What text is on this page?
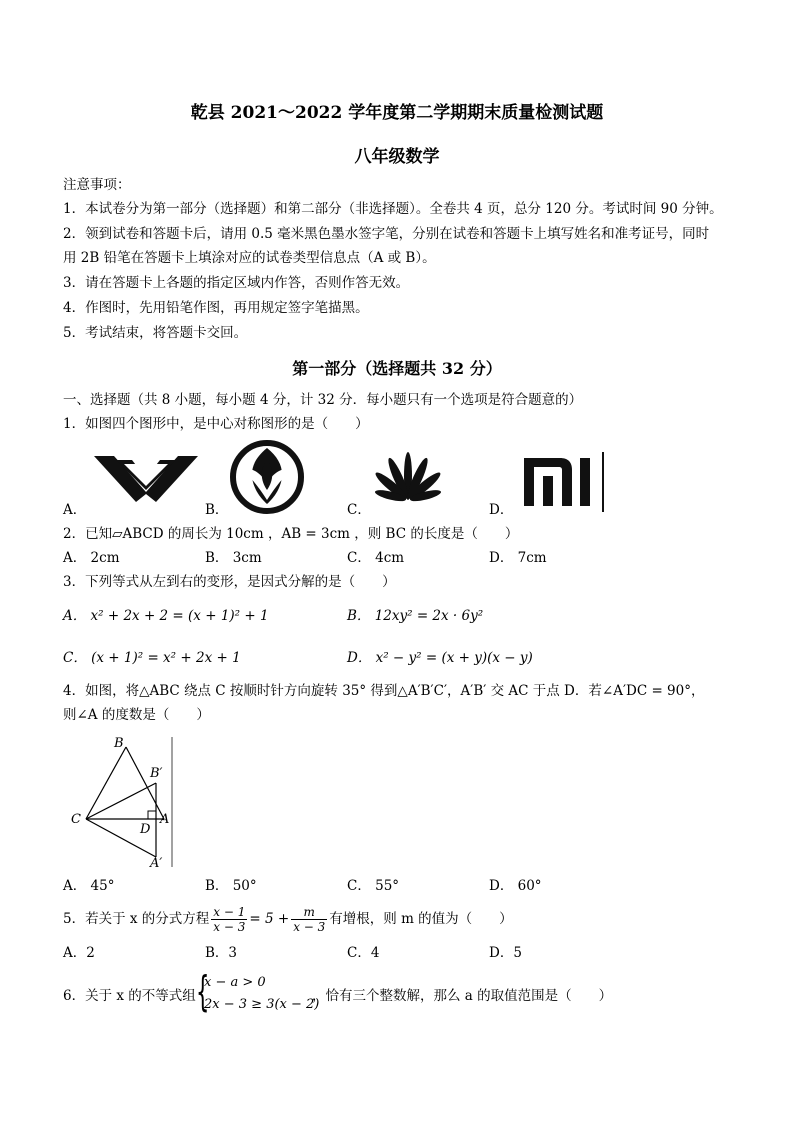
乾县 2021～2022 学年度第二学期期末质量检测试题
八年级数学
注意事项：
1．本试卷分为第一部分（选择题）和第二部分（非选择题）。全卷共 4 页，总分 120 分。考试时间 90 分钟。
2．领到试卷和答题卡后，请用 0.5 毫米黑色墨水签字笔，分别在试卷和答题卡上填写姓名和准考证号，同时
用 2B 铅笔在答题卡上填涂对应的试卷类型信息点（A 或 B）。
3．请在答题卡上各题的指定区域内作答，否则作答无效。
4．作图时，先用铅笔作图，再用规定签字笔描黑。
5．考试结束，将答题卡交回。
第一部分（选择题共 32 分）
一、选择题（共 8 小题，每小题 4 分，计 32 分．每小题只有一个选项是符合题意的）
1．如图四个图形中，是中心对称图形的是（　　）
A．	B．	C．	D．
2．已知▱ABCD 的周长为 10cm ，AB = 3cm ，则 BC 的长度是（　　）
A． 2cm	B． 3cm	C． 4cm	D． 7cm
3．下列等式从左到右的变形，是因式分解的是（　　）
A． x² + 2x + 2 = (x + 1)² + 1	B． 12xy² = 2x · 6y²
C． (x + 1)² = x² + 2x + 1	D． x² − y² = (x + y)(x − y)
4．如图，将△ABC 绕点 C 按顺时针方向旋转 35° 得到△A′B′C′，A′B′ 交 AC 于点 D．若∠A′DC = 90°，
则∠A 的度数是（　　）
B
B′
C
D
A
A′
A． 45°	B． 50°	C． 55°	D． 60°
5．若关于 x 的分式方程 $\frac{x - 1}{x - 3} = 5 + \frac{m}{x - 3}$ 有增根，则 m 的值为（　　）
A．2	B．3	C．4	D．5
6．关于 x 的不等式组 {
x − a > 0
2x − 3 ≥ 3(x − 2)
，恰有三个整数解，那么 a 的取值范围是（　　）
